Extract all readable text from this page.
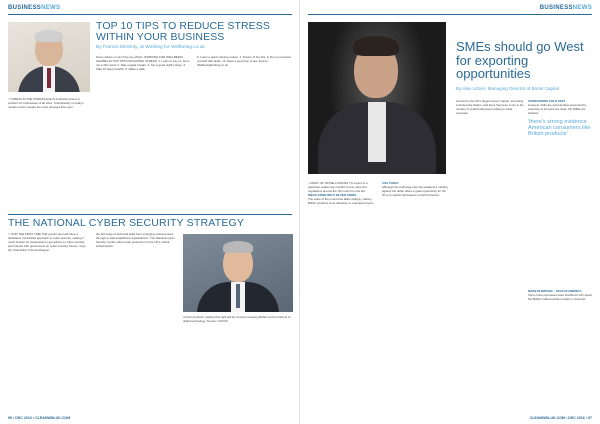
BUSINESSNEWS
TOP 10 TIPS TO REDUCE STRESS WITHIN YOUR BUSINESS
By Francis McGinty, at Working for Wellbeing.co.uk
> STRESS IN THE WORKPLACE IS A disorder that is a problem for businesses of all sizes. Undoubtedly, in today's modern world, people are more stressed than ever.
Some advice on all of the key efforts. WORKING FOR WELLBEING SHARES 10 TOP TIPS FOR EASING STRESS: 1. Learn to say no. No is not a dirty word. 2. Take regular breaks. 3. Get a good night's sleep. 4. Take 10 deep breaths. 5. Make a walk.
6. Learn a quick calming routine. 7. Dream. 8. Do this. 9. Do not overload yourself with tasks. 10. Have a good cup of tea. Source: WellbeingWorking.co.uk
THE NATIONAL CYBER SECURITY STRATEGY
> "FOR THE FIRST TIME THE government will have a dedicated, centralised approach to cyber security, making it much simpler for businesses to get advice on cyber security and interact with government on cyber security issues," says the Chancellor of the Exchequer.
the full range of technical skills from emerging entrepreneurs through to well-established organisations. The National Cyber Security Centre will provide protection for the UK's critical infrastructure.
of their products. Getting this right will be crucial to keeping Britain at the forefront of digital technology. Source: GOVUK
96 • DEC 2016 • CLEANWIN-UK.COM
BUSINESSNEWS
SMEs should go West for exporting opportunities
By Alex Littner, Managing Director of Boost Capital
America is the UK's largest export market, according to Enterprise Nation, and there has been a rise in the number of small businesses looking to trade overseas.
OVERCOMING COLD FEET
However while the opportunities presented by exporting to America are clear, UK SMEs are hesitant.
'there's strong evidence American consumers like British products'
> MANY OF THOSE LOOKING TO export to a particular market are mindful of new rules and regulations around the UK's exit from the EU.
WEAK STERLING'S SILVER LINING
The value of the pound has fallen sharply, making British products more attractive to overseas buyers.
USA TODAY
Although the exchange rate has weakened, sterling against the dollar offers a great opportunity for UK firms to market themselves in North America.
MADE IN BRITAIN – SOLD IN AMERICA
Some have expressed fears that Brexit will impact, but British craftsmanship remains in demand.
CLEANWIN-UK.COM • DEC 2016 • 97
